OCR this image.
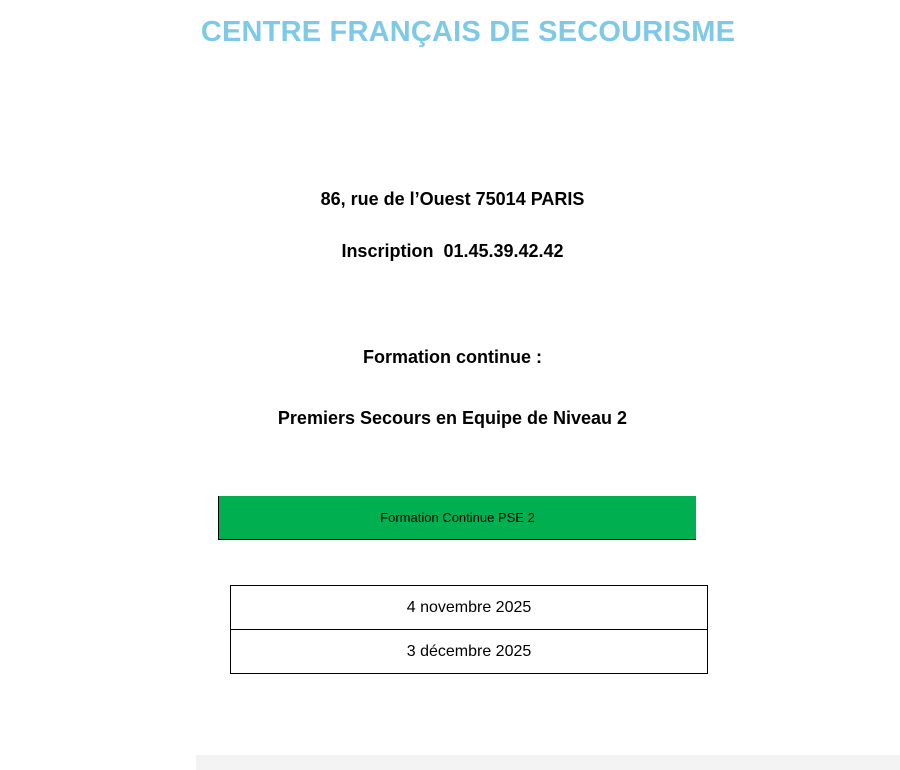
CENTRE FRANÇAIS DE SECOURISME

86, rue de l’Ouest 75014 PARIS

Inscription  01.45.39.42.42

Formation continue :

Premiers Secours en Equipe de Niveau 2

Formation Continue PSE 2
4 novembre 2025
3 décembre 2025
